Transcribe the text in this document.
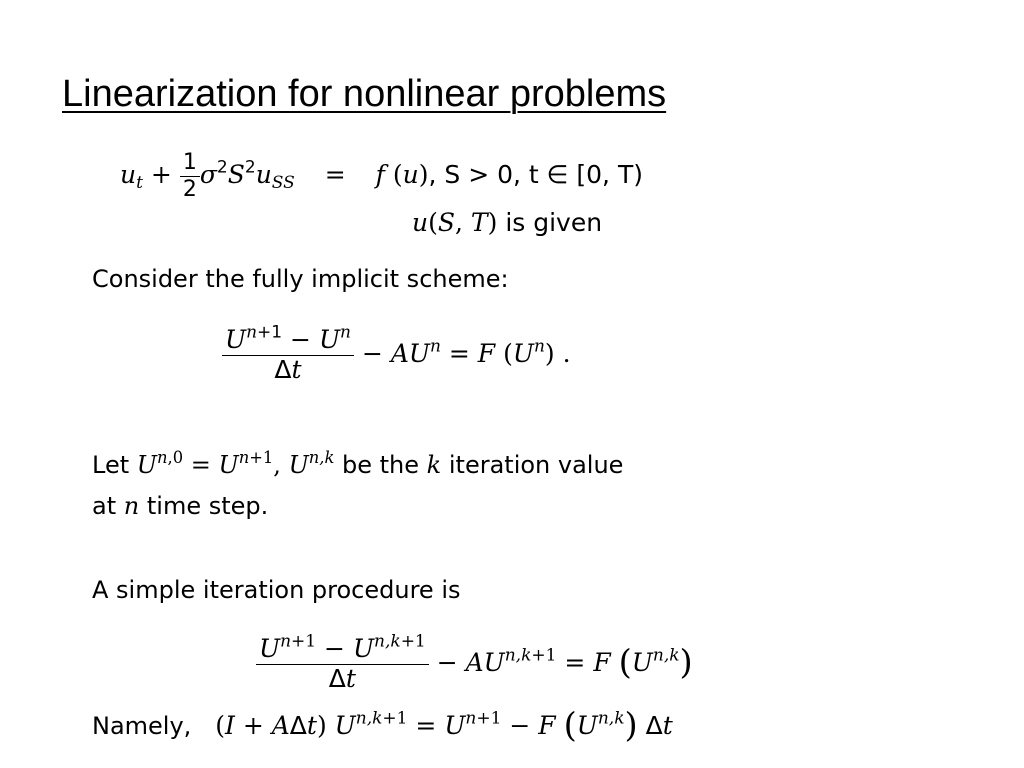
Linearization for nonlinear problems
$u_t + \frac{1}{2} \sigma^2S^2u_{SS} = f$ (u), S > 0, t ∈ [0, T)
u(S, T) is given
Consider the fully implicit scheme:
$\frac{U^{n+1} - U^n}{\Delta t} - AU^n = F$ $(U^n)$ .
Let $U^{n,0} = U^{n+1}$, U$^{n,k}$ be the k iteration value
at n time step.
A simple iteration procedure is
$\frac{U^{n+1} - U^{n,k+1}}{\Delta t} - AU^{n,k+1} = F$ $(U^{n,k})$
Namely, (I + AΔt) $U^{n,k+1} = U^{n+1} - F$ $(U^{n,k})$ Δt
